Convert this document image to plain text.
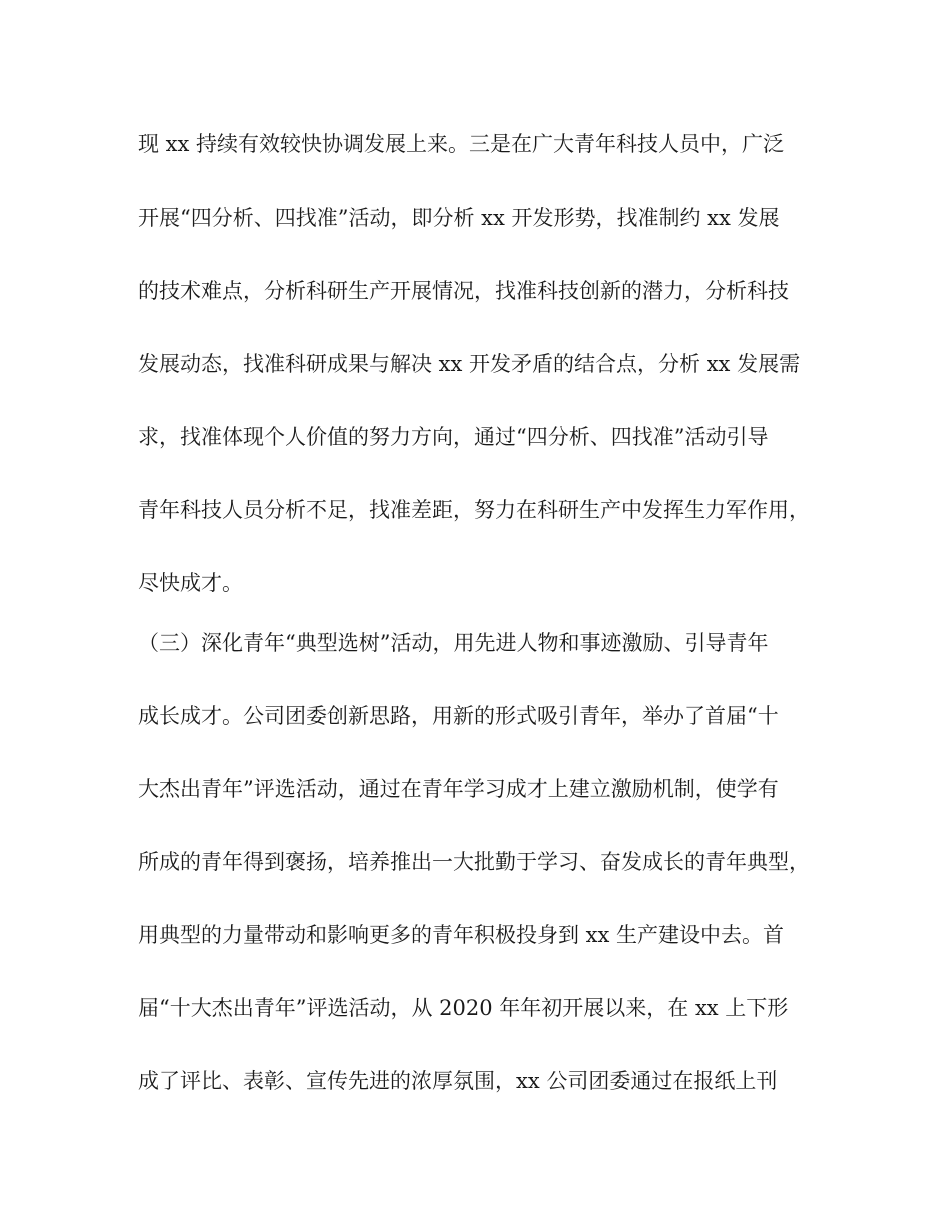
现 xx 持续有效较快协调发展上来。三是在广大青年科技人员中，广泛

开展“四分析、四找准”活动，即分析 xx 开发形势，找准制约 xx 发展

的技术难点，分析科研生产开展情况，找准科技创新的潜力，分析科技

发展动态，找准科研成果与解决 xx 开发矛盾的结合点，分析 xx 发展需

求，找准体现个人价值的努力方向，通过“四分析、四找准”活动引导

青年科技人员分析不足，找准差距，努力在科研生产中发挥生力军作用，

尽快成才。

（三）深化青年“典型选树”活动，用先进人物和事迹激励、引导青年

成长成才。公司团委创新思路，用新的形式吸引青年，举办了首届“十

大杰出青年”评选活动，通过在青年学习成才上建立激励机制，使学有

所成的青年得到褒扬，培养推出一大批勤于学习、奋发成长的青年典型，

用典型的力量带动和影响更多的青年积极投身到 xx 生产建设中去。首

届“十大杰出青年”评选活动，从 2020 年年初开展以来，在 xx 上下形

成了评比、表彰、宣传先进的浓厚氛围，xx 公司团委通过在报纸上刊
